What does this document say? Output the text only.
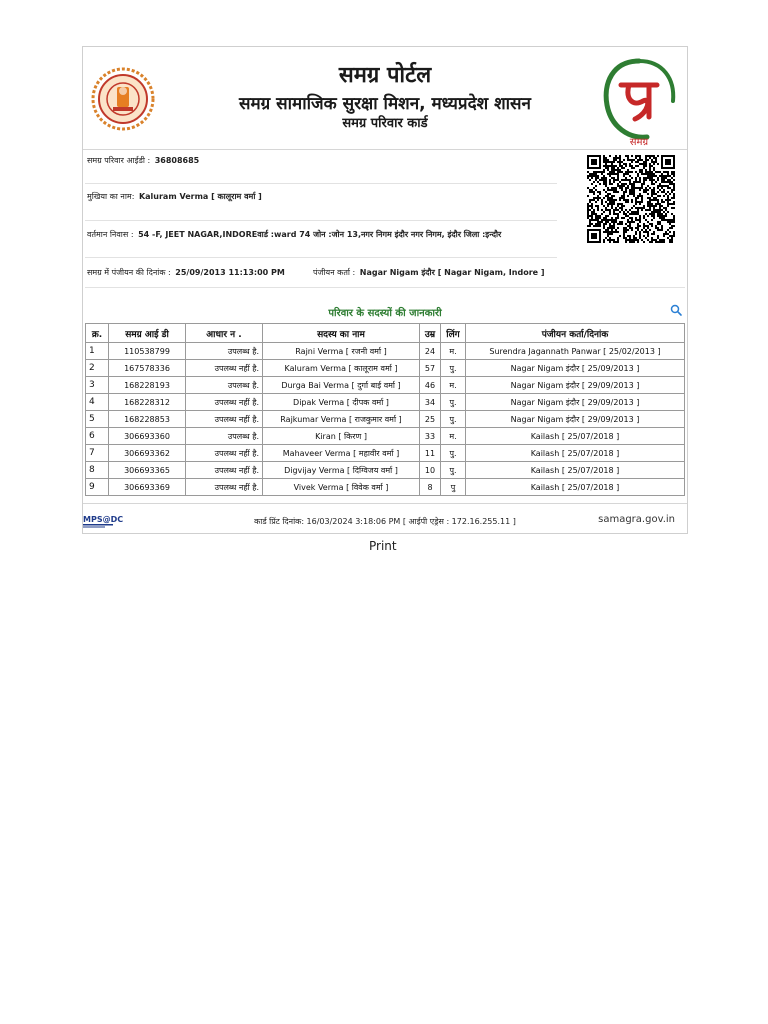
समग्र पोर्टल
समग्र सामाजिक सुरक्षा मिशन, मध्यप्रदेश शासन
समग्र परिवार कार्ड
समग्र
समग्र परिवार आईडी : 36808685
मुखिया का नाम: Kaluram Verma [ कालूराम वर्मा ]
वर्तमान निवास : 54 -F, JEET NAGAR,INDOREवार्ड :ward 74 जोन :जोन 13,नगर निगम इंदौर नगर निगम, इंदौर जिला :इन्दौर
समग्र में पंजीयन की दिनांक : 25/09/2013 11:13:00 PM	पंजीयन कर्ता : Nagar Nigam इंदौर [ Nagar Nigam, Indore ]
परिवार के सदस्यों की जानकारी
क्र.	समग्र आई डी	आधार न .	सदस्य का नाम	उम्र	लिंग	पंजीयन कर्ता/दिनांक
1	110538799	उपलब्ध है.	Rajni Verma [ रजनी वर्मा ]	24	म.	Surendra Jagannath Panwar [ 25/02/2013 ]
2	167578336	उपलब्ध नहीं है.	Kaluram Verma [ कालूराम वर्मा ]	57	पु.	Nagar Nigam इंदौर [ 25/09/2013 ]
3	168228193	उपलब्ध है.	Durga Bai Verma [ दुर्गा बाई वर्मा ]	46	म.	Nagar Nigam इंदौर [ 29/09/2013 ]
4	168228312	उपलब्ध नहीं है.	Dipak Verma [ दीपक वर्मा ]	34	पु.	Nagar Nigam इंदौर [ 29/09/2013 ]
5	168228853	उपलब्ध नहीं है.	Rajkumar Verma [ राजकुमार वर्मा ]	25	पु.	Nagar Nigam इंदौर [ 29/09/2013 ]
6	306693360	उपलब्ध है.	Kiran [ किरण ]	33	म.	Kailash [ 25/07/2018 ]
7	306693362	उपलब्ध नहीं है.	Mahaveer Verma [ महावीर वर्मा ]	11	पु.	Kailash [ 25/07/2018 ]
8	306693365	उपलब्ध नहीं है.	Digvijay Verma [ दिग्विजय वर्मा ]	10	पु.	Kailash [ 25/07/2018 ]
9	306693369	उपलब्ध नहीं है.	Vivek Verma [ विवेक वर्मा ]	8	पु	Kailash [ 25/07/2018 ]
MPS@DC	कार्ड प्रिंट दिनांक: 16/03/2024 3:18:06 PM [ आईपी एड्रेस : 172.16.255.11 ]	samagra.gov.in
Print
